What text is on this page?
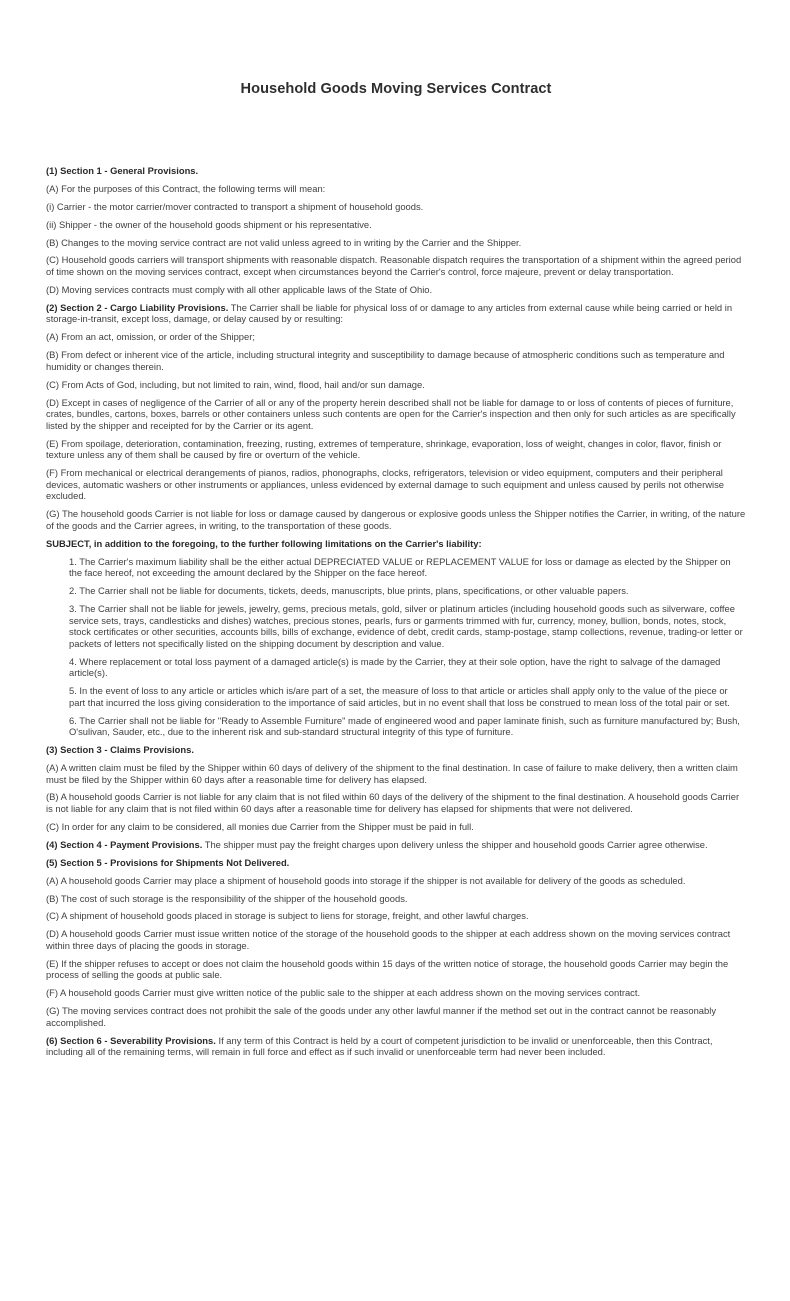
Household Goods Moving Services Contract

(1) Section 1 - General Provisions.

(A) For the purposes of this Contract, the following terms will mean:

(i) Carrier - the motor carrier/mover contracted to transport a shipment of household goods.

(ii) Shipper - the owner of the household goods shipment or his representative.

(B) Changes to the moving service contract are not valid unless agreed to in writing by the Carrier and the Shipper.

(C) Household goods carriers will transport shipments with reasonable dispatch. Reasonable dispatch requires the transportation of a shipment within the agreed period of time shown on the moving services contract, except when circumstances beyond the Carrier's control, force majeure, prevent or delay transportation.

(D) Moving services contracts must comply with all other applicable laws of the State of Ohio.

(2) Section 2 - Cargo Liability Provisions. The Carrier shall be liable for physical loss of or damage to any articles from external cause while being carried or held in storage-in-transit, except loss, damage, or delay caused by or resulting:

(A) From an act, omission, or order of the Shipper;

(B) From defect or inherent vice of the article, including structural integrity and susceptibility to damage because of atmospheric conditions such as temperature and humidity or changes therein.

(C) From Acts of God, including, but not limited to rain, wind, flood, hail and/or sun damage.

(D) Except in cases of negligence of the Carrier of all or any of the property herein described shall not be liable for damage to or loss of contents of pieces of furniture, crates, bundles, cartons, boxes, barrels or other containers unless such contents are open for the Carrier's inspection and then only for such articles as are specifically listed by the shipper and receipted for by the Carrier or its agent.

(E) From spoilage, deterioration, contamination, freezing, rusting, extremes of temperature, shrinkage, evaporation, loss of weight, changes in color, flavor, finish or texture unless any of them shall be caused by fire or overturn of the vehicle.

(F) From mechanical or electrical derangements of pianos, radios, phonographs, clocks, refrigerators, television or video equipment, computers and their peripheral devices, automatic washers or other instruments or appliances, unless evidenced by external damage to such equipment and unless caused by perils not otherwise excluded.

(G) The household goods Carrier is not liable for loss or damage caused by dangerous or explosive goods unless the Shipper notifies the Carrier, in writing, of the nature of the goods and the Carrier agrees, in writing, to the transportation of these goods.

SUBJECT, in addition to the foregoing, to the further following limitations on the Carrier's liability:

1. The Carrier's maximum liability shall be the either actual DEPRECIATED VALUE or REPLACEMENT VALUE for loss or damage as elected by the Shipper on the face hereof, not exceeding the amount declared by the Shipper on the face hereof.

2. The Carrier shall not be liable for documents, tickets, deeds, manuscripts, blue prints, plans, specifications, or other valuable papers.

3. The Carrier shall not be liable for jewels, jewelry, gems, precious metals, gold, silver or platinum articles (including household goods such as silverware, coffee service sets, trays, candlesticks and dishes) watches, precious stones, pearls, furs or garments trimmed with fur, currency, money, bullion, bonds, notes, stock, stock certificates or other securities, accounts bills, bills of exchange, evidence of debt, credit cards, stamp-postage, stamp collections, revenue, trading-or letter or packets of letters not specifically listed on the shipping document by description and value.

4. Where replacement or total loss payment of a damaged article(s) is made by the Carrier, they at their sole option, have the right to salvage of the damaged article(s).

5. In the event of loss to any article or articles which is/are part of a set, the measure of loss to that article or articles shall apply only to the value of the piece or part that incurred the loss giving consideration to the importance of said articles, but in no event shall that loss be construed to mean loss of the total pair or set.

6. The Carrier shall not be liable for "Ready to Assemble Furniture" made of engineered wood and paper laminate finish, such as furniture manufactured by; Bush, O'sulivan, Sauder, etc., due to the inherent risk and sub-standard structural integrity of this type of furniture.

(3) Section 3 - Claims Provisions.

(A) A written claim must be filed by the Shipper within 60 days of delivery of the shipment to the final destination. In case of failure to make delivery, then a written claim must be filed by the Shipper within 60 days after a reasonable time for delivery has elapsed.

(B) A household goods Carrier is not liable for any claim that is not filed within 60 days of the delivery of the shipment to the final destination. A household goods Carrier is not liable for any claim that is not filed within 60 days after a reasonable time for delivery has elapsed for shipments that were not delivered.

(C) In order for any claim to be considered, all monies due Carrier from the Shipper must be paid in full.

(4) Section 4 - Payment Provisions. The shipper must pay the freight charges upon delivery unless the shipper and household goods Carrier agree otherwise.

(5) Section 5 - Provisions for Shipments Not Delivered.

(A) A household goods Carrier may place a shipment of household goods into storage if the shipper is not available for delivery of the goods as scheduled.

(B) The cost of such storage is the responsibility of the shipper of the household goods.

(C) A shipment of household goods placed in storage is subject to liens for storage, freight, and other lawful charges.

(D) A household goods Carrier must issue written notice of the storage of the household goods to the shipper at each address shown on the moving services contract within three days of placing the goods in storage.

(E) If the shipper refuses to accept or does not claim the household goods within 15 days of the written notice of storage, the household goods Carrier may begin the process of selling the goods at public sale.

(F) A household goods Carrier must give written notice of the public sale to the shipper at each address shown on the moving services contract.

(G) The moving services contract does not prohibit the sale of the goods under any other lawful manner if the method set out in the contract cannot be reasonably accomplished.

(6) Section 6 - Severability Provisions. If any term of this Contract is held by a court of competent jurisdiction to be invalid or unenforceable, then this Contract, including all of the remaining terms, will remain in full force and effect as if such invalid or unenforceable term had never been included.
